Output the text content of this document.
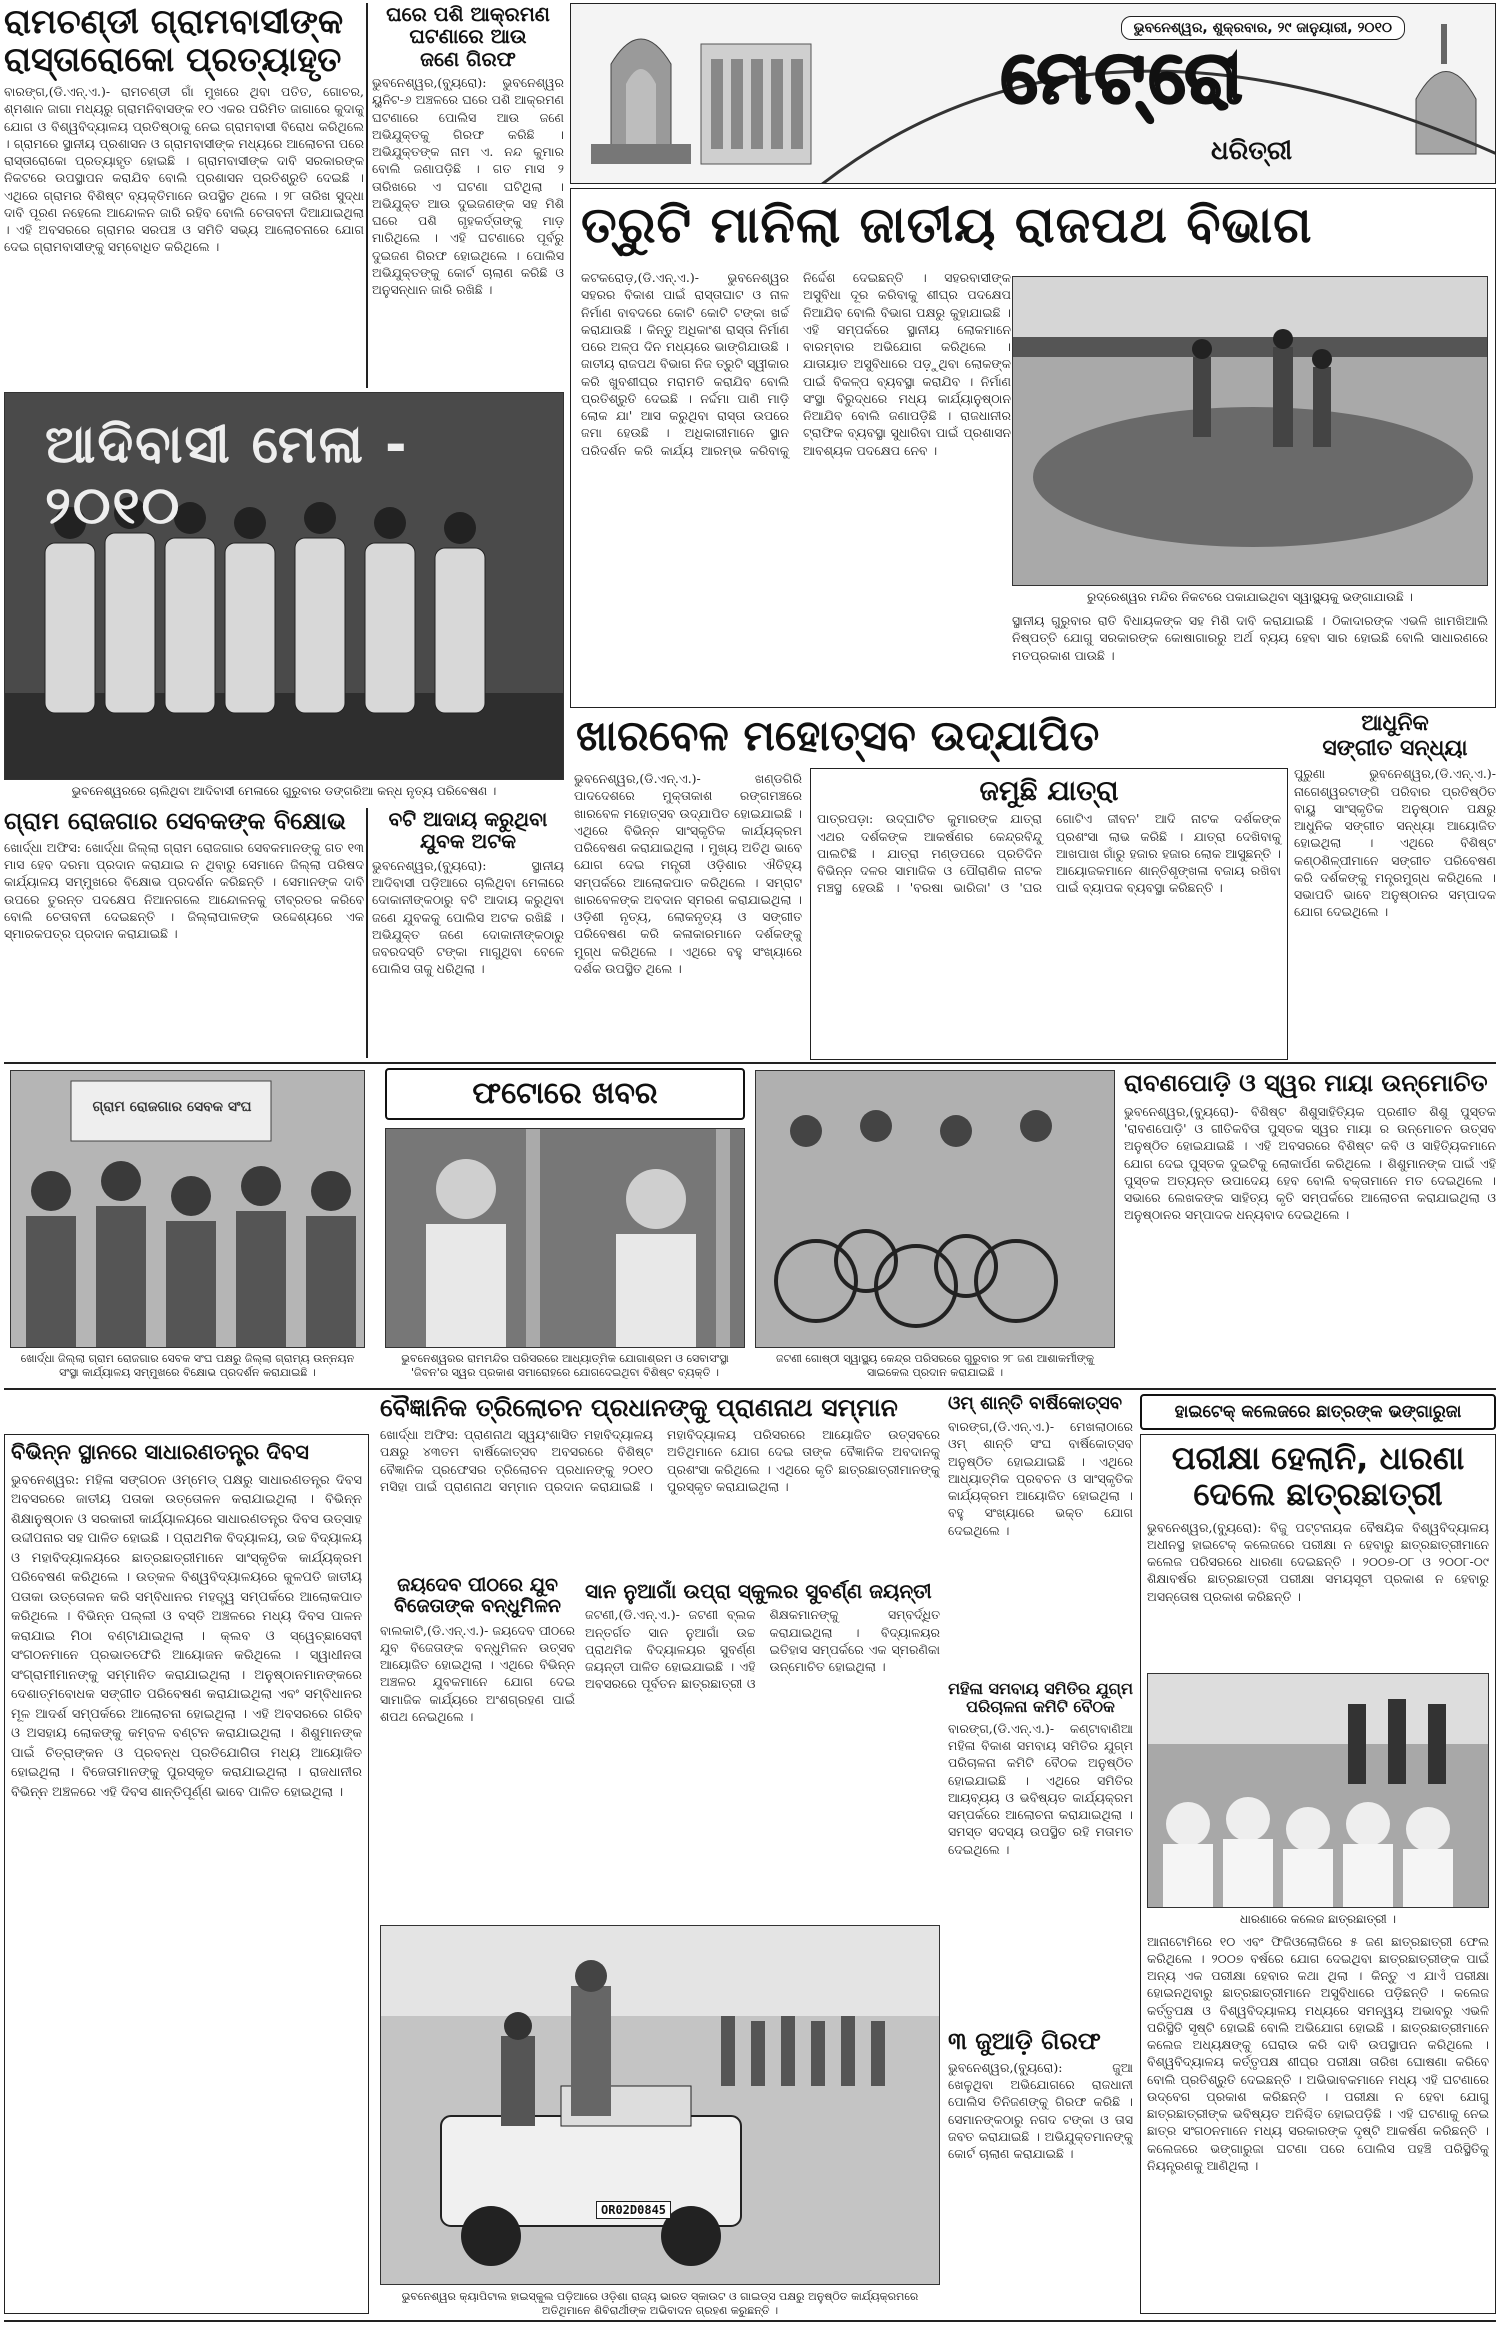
ଭୁବନେଶ୍ୱର, ଶୁକ୍ରବାର, ୨୯ ଜାନୁୟାରୀ, ୨୦୧୦
ମେଟ୍ରୋ
ଧରିତ୍ରୀ
ରାମଚଣ୍ଡୀ ଗ୍ରାମବାସୀଙ୍କ
ରାସ୍ତାରୋକୋ ପ୍ରତ୍ୟାହୃତ
ବାରଙ୍ଗ,(ଡି.ଏନ୍.ଏ.)- ରାମଚଣ୍ଡୀ ଗାଁ ମୁଖରେ ଥିବା ପତିତ, ଗୋଚର, ଶ୍ମଶାନ ଜାଗା ମଧ୍ୟରୁ ଗ୍ରାମନିବାସଙ୍କ ୧୦ ଏକର ପରିମିତ ଜାଗାରେ କୁଦାକୁ ଯୋଗ ଓ ବିଶ୍ୱବିଦ୍ୟାଳୟ ପ୍ରତିଷ୍ଠାକୁ ନେଇ ଗ୍ରାମବାସୀ ବିରୋଧ କରିଥିଲେ । ଗ୍ରାମରେ ସ୍ଥାନୀୟ ପ୍ରଶାସନ ଓ ଗ୍ରାମବାସୀଙ୍କ ମଧ୍ୟରେ ଆଲୋଚନା ପରେ ରାସ୍ତାରୋକୋ ପ୍ରତ୍ୟାହୃତ ହୋଇଛି । ଗ୍ରାମବାସୀଙ୍କ ଦାବି ସରକାରଙ୍କ ନିକଟରେ ଉପସ୍ଥାପନ କରାଯିବ ବୋଲି ପ୍ରଶାସନ ପ୍ରତିଶ୍ରୁତି ଦେଇଛି । ଏଥିରେ ଗ୍ରାମର ବିଶିଷ୍ଟ ବ୍ୟକ୍ତିମାନେ ଉପସ୍ଥିତ ଥିଲେ । ୨୮ ତାରିଖ ସୁଦ୍ଧା ଦାବି ପୂରଣ ନହେଲେ ଆନ୍ଦୋଳନ ଜାରି ରହିବ ବୋଲି ଚେତାବନୀ ଦିଆଯାଇଥିଲା । ଏହି ଅବସରରେ ଗ୍ରାମର ସରପଞ୍ଚ ଓ ସମିତି ସଭ୍ୟ ଆଲୋଚନାରେ ଯୋଗ ଦେଇ ଗ୍ରାମବାସୀଙ୍କୁ ସମ୍ବୋଧିତ କରିଥିଲେ ।
ଘରେ ପଶି ଆକ୍ରମଣ
ଘଟଣାରେ ଆଉ
ଜଣେ ଗିରଫ
ଭୁବନେଶ୍ୱର,(ବ୍ୟୁରୋ): ଭୁବନେଶ୍ୱର ୟୁନିଟ-୬ ଅଞ୍ଚଳରେ ଘରେ ପଶି ଆକ୍ରମଣ ଘଟଣାରେ ପୋଲିସ ଆଉ ଜଣେ ଅଭିଯୁକ୍ତକୁ ଗିରଫ କରିଛି । ଅଭିଯୁକ୍ତଙ୍କ ନାମ ଏ. ନନ୍ଦ କୁମାର ବୋଲି ଜଣାପଡ଼ିଛି । ଗତ ମାସ ୨ ତାରିଖରେ ଏ ଘଟଣା ଘଟିଥିଲା । ଅଭିଯୁକ୍ତ ଆଉ ଦୁଇଜଣଙ୍କ ସହ ମିଶି ଘରେ ପଶି ଗୃହକର୍ତ୍ତାଙ୍କୁ ମାଡ଼ ମାରିଥିଲେ । ଏହି ଘଟଣାରେ ପୂର୍ବରୁ ଦୁଇଜଣ ଗିରଫ ହୋଇଥିଲେ । ପୋଲିସ ଅଭିଯୁକ୍ତଙ୍କୁ କୋର୍ଟ ଚାଲାଣ କରିଛି ଓ ଅନୁସନ୍ଧାନ ଜାରି ରଖିଛି ।
ଆଦିବାସୀ ମେଳା - ୨୦୧୦
ଭୁବନେଶ୍ୱରରେ ଚାଲିଥିବା ଆଦିବାସୀ ମେଳାରେ ଗୁରୁବାର ଡଙ୍ଗରିଆ କନ୍ଧ ନୃତ୍ୟ ପରିବେଷଣ ।
ତ୍ରୁଟି ମାନିଲା ଜାତୀୟ ରାଜପଥ ବିଭାଗ
କଟକରୋଡ଼,(ଡି.ଏନ୍.ଏ.)- ଭୁବନେଶ୍ୱର ସହରର ବିକାଶ ପାଇଁ ରାସ୍ତାଘାଟ ଓ ନାଳ ନିର୍ମାଣ ବାବଦରେ କୋଟି କୋଟି ଟଙ୍କା ଖର୍ଚ୍ଚ କରାଯାଉଛି । କିନ୍ତୁ ଅଧିକାଂଶ ରାସ୍ତା ନିର୍ମାଣ ପରେ ଅଳ୍ପ ଦିନ ମଧ୍ୟରେ ଭାଙ୍ଗିଯାଉଛି । ଜାତୀୟ ରାଜପଥ ବିଭାଗ ନିଜ ତ୍ରୁଟି ସ୍ୱୀକାର କରି ଖୁବଶୀଘ୍ର ମରାମତି କରାଯିବ ବୋଲି ପ୍ରତିଶ୍ରୁତି ଦେଇଛି । ନର୍ଦ୍ଦମା ପାଣି ମାଡ଼ି ଲୋକ ଯା' ଆସ କରୁଥିବା ରାସ୍ତା ଉପରେ ଜମା ହେଉଛି । ଅଧିକାରୀମାନେ ସ୍ଥାନ ପରିଦର୍ଶନ କରି କାର୍ଯ୍ୟ ଆରମ୍ଭ କରିବାକୁ ନିର୍ଦ୍ଦେଶ ଦେଇଛନ୍ତି । ସହରବାସୀଙ୍କ ଅସୁବିଧା ଦୂର କରିବାକୁ ଶୀଘ୍ର ପଦକ୍ଷେପ ନିଆଯିବ ବୋଲି ବିଭାଗ ପକ୍ଷରୁ କୁହାଯାଇଛି । ଏହି ସମ୍ପର୍କରେ ସ୍ଥାନୀୟ ଲୋକମାନେ ବାରମ୍ବାର ଅଭିଯୋଗ କରିଥିଲେ । ଯାତାୟାତ ଅସୁବିଧାରେ ପଡ଼ୁଥିବା ଲୋକଙ୍କ ପାଇଁ ବିକଳ୍ପ ବ୍ୟବସ୍ଥା କରାଯିବ । ନିର୍ମାଣ ସଂସ୍ଥା ବିରୁଦ୍ଧରେ ମଧ୍ୟ କାର୍ଯ୍ୟାନୁଷ୍ଠାନ ନିଆଯିବ ବୋଲି ଜଣାପଡ଼ିଛି । ରାଜଧାନୀର ଟ୍ରାଫିକ ବ୍ୟବସ୍ଥା ସୁଧାରିବା ପାଇଁ ପ୍ରଶାସନ ଆବଶ୍ୟକ ପଦକ୍ଷେପ ନେବ ।
ରୁଦ୍ରେଶ୍ୱର ମନ୍ଦିର ନିକଟରେ ପକାଯାଇଥିବା ସ୍ୱାସ୍ଥ୍ୟକୁ ଭଙ୍ଗାଯାଉଛି ।
ସ୍ଥାନୀୟ ଗୁରୁବାର ରାତି ବିଧାୟକଙ୍କ ସହ ମିଶି ଦାବି କରାଯାଇଛି । ଠିକାଦାରଙ୍କ ଏଭଳି ଖାମଖିଆଲି ନିଷ୍ପତ୍ତି ଯୋଗୁ ସରକାରଙ୍କ କୋଷାଗାରରୁ ଅର୍ଥ ବ୍ୟୟ ହେବା ସାର ହୋଇଛି ବୋଲି ସାଧାରଣରେ ମତପ୍ରକାଶ ପାଉଛି ।
ଖାରବେଳ ମହୋତ୍ସବ ଉଦ୍‌ଯାପିତ
ଭୁବନେଶ୍ୱର,(ଡି.ଏନ୍.ଏ.)- ଖଣ୍ଡଗିରି ପାଦଦେଶରେ ମୁକ୍ତାକାଶ ରଙ୍ଗମଞ୍ଚରେ ଖାରବେଳ ମହୋତ୍ସବ ଉଦ୍‌ଯାପିତ ହୋଇଯାଇଛି । ଏଥିରେ ବିଭିନ୍ନ ସାଂସ୍କୃତିକ କାର୍ଯ୍ୟକ୍ରମ ପରିବେଷଣ କରାଯାଇଥିଲା । ମୁଖ୍ୟ ଅତିଥି ଭାବେ ଯୋଗ ଦେଇ ମନ୍ତ୍ରୀ ଓଡ଼ିଶାର ଐତିହ୍ୟ ସମ୍ପର୍କରେ ଆଲୋକପାତ କରିଥିଲେ । ସମ୍ରାଟ ଖାରବେଳଙ୍କ ଅବଦାନ ସ୍ମରଣ କରାଯାଇଥିଲା । ଓଡ଼ିଶୀ ନୃତ୍ୟ, ଲୋକନୃତ୍ୟ ଓ ସଙ୍ଗୀତ ପରିବେଷଣ କରି କଳାକାରମାନେ ଦର୍ଶକଙ୍କୁ ମୁଗ୍ଧ କରିଥିଲେ । ଏଥିରେ ବହୁ ସଂଖ୍ୟାରେ ଦର୍ଶକ ଉପସ୍ଥିତ ଥିଲେ ।
ଜମୁଛି ଯାତ୍ରା
ପାତ୍ରପଡ଼ା: ଉଦ୍‌ଘାଟିତ କୁମାରଙ୍କ ଯାତ୍ରା ଏଥର ଦର୍ଶକଙ୍କ ଆକର୍ଷଣର କେନ୍ଦ୍ରବିନ୍ଦୁ ପାଲଟିଛି । ଯାତ୍ରା ମଣ୍ଡପରେ ପ୍ରତିଦିନ ବିଭିନ୍ନ ଦଳର ସାମାଜିକ ଓ ପୌରାଣିକ ନାଟକ ମଞ୍ଚସ୍ଥ ହେଉଛି । 'ବରଷା ଭାରିଜା' ଓ 'ଘର ଗୋଟିଏ ଜୀବନ' ଆଦି ନାଟକ ଦର୍ଶକଙ୍କ ପ୍ରଶଂସା ଲାଭ କରିଛି । ଯାତ୍ରା ଦେଖିବାକୁ ଆଖପାଖ ଗାଁରୁ ହଜାର ହଜାର ଲୋକ ଆସୁଛନ୍ତି । ଆୟୋଜକମାନେ ଶାନ୍ତିଶୃଙ୍ଖଳା ବଜାୟ ରଖିବା ପାଇଁ ବ୍ୟାପକ ବ୍ୟବସ୍ଥା କରିଛନ୍ତି ।
ଆଧୁନିକ
ସଙ୍ଗୀତ ସନ୍ଧ୍ୟା
ପୁରୁଣା ଭୁବନେଶ୍ୱର,(ଡି.ଏନ୍.ଏ.)- ନାଗେଶ୍ୱରଟାଙ୍ଗି ପରିବାର ପ୍ରତିଷ୍ଠିତ ବାୟୁ ସାଂସ୍କୃତିକ ଅନୁଷ୍ଠାନ ପକ୍ଷରୁ ଆଧୁନିକ ସଙ୍ଗୀତ ସନ୍ଧ୍ୟା ଆୟୋଜିତ ହୋଇଥିଲା । ଏଥିରେ ବିଶିଷ୍ଟ କଣ୍ଠଶିଳ୍ପୀମାନେ ସଙ୍ଗୀତ ପରିବେଷଣ କରି ଦର୍ଶକଙ୍କୁ ମନ୍ତ୍ରମୁଗ୍ଧ କରିଥିଲେ । ସଭାପତି ଭାବେ ଅନୁଷ୍ଠାନର ସମ୍ପାଦକ ଯୋଗ ଦେଇଥିଲେ ।
ଗ୍ରାମ ରୋଜଗାର ସେବକଙ୍କ ବିକ୍ଷୋଭ
ଖୋର୍ଦ୍ଧା ଅଫିସ: ଖୋର୍ଦ୍ଧା ଜିଲ୍ଲା ଗ୍ରାମ ରୋଜଗାର ସେବକମାନଙ୍କୁ ଗତ ୧୩ ମାସ ହେବ ଦରମା ପ୍ରଦାନ କରାଯାଇ ନ ଥିବାରୁ ସେମାନେ ଜିଲ୍ଲା ପରିଷଦ କାର୍ଯ୍ୟାଳୟ ସମ୍ମୁଖରେ ବିକ୍ଷୋଭ ପ୍ରଦର୍ଶନ କରିଛନ୍ତି । ସେମାନଙ୍କ ଦାବି ଉପରେ ତୁରନ୍ତ ପଦକ୍ଷେପ ନିଆନଗଲେ ଆନ୍ଦୋଳନକୁ ତୀବ୍ରତର କରିବେ ବୋଲି ଚେତାବନୀ ଦେଇଛନ୍ତି । ଜିଲ୍ଲାପାଳଙ୍କ ଉଦ୍ଦେଶ୍ୟରେ ଏକ ସ୍ମାରକପତ୍ର ପ୍ରଦାନ କରାଯାଇଛି ।
ବଟି ଆଦାୟ କରୁଥିବା
ଯୁବକ ଅଟକ
ଭୁବନେଶ୍ୱର,(ବ୍ୟୁରୋ): ସ୍ଥାନୀୟ ଆଦିବାସୀ ପଡ଼ିଆରେ ଚାଲିଥିବା ମେଳାରେ ଦୋକାନୀଙ୍କଠାରୁ ବଟି ଆଦାୟ କରୁଥିବା ଜଣେ ଯୁବକକୁ ପୋଲିସ ଅଟକ ରଖିଛି । ଅଭିଯୁକ୍ତ ଜଣେ ଦୋକାନୀଙ୍କଠାରୁ ଜବରଦସ୍ତି ଟଙ୍କା ମାଗୁଥିବା ବେଳେ ପୋଲିସ ତାକୁ ଧରିଥିଲା ।
ଫଟୋରେ ଖବର
ଗ୍ରାମ ରୋଜଗାର ସେବକ ସଂଘ
ଖୋର୍ଦ୍ଧା ଜିଲ୍ଲା ଗ୍ରାମ ରୋଜଗାର ସେବକ ସଂଘ ପକ୍ଷରୁ ଜିଲ୍ଲା ଗ୍ରାମ୍ୟ ଉନ୍ନୟନ ସଂସ୍ଥା କାର୍ଯ୍ୟାଳୟ ସମ୍ମୁଖରେ ବିକ୍ଷୋଭ ପ୍ରଦର୍ଶନ କରାଯାଇଛି ।
ଭୁବନେଶ୍ୱରର ରାମମନ୍ଦିର ପରିସରରେ ଆଧ୍ୟାତ୍ମିକ ଯୋଗାଶ୍ରମ ଓ ସେବାସଂସ୍ଥା 'ଜିବନ'ର ସ୍ୱର ପ୍ରକାଶ ସମାରୋହରେ ଯୋଗଦେଇଥିବା ବିଶିଷ୍ଟ ବ୍ୟକ୍ତି ।
ଜଟଣୀ ଗୋଷ୍ଠୀ ସ୍ୱାସ୍ଥ୍ୟ କେନ୍ଦ୍ର ପରିସରରେ ଗୁରୁବାର ୨୮ ଜଣ ଆଶାକର୍ମୀଙ୍କୁ ସାଇକେଲ ପ୍ରଦାନ କରାଯାଇଛି ।
ରାବଣପୋଡ଼ି ଓ ସ୍ୱର ମାୟା ଉନ୍ମୋଚିତ
ଭୁବନେଶ୍ୱର,(ବ୍ୟୁରୋ)- ବିଶିଷ୍ଟ ଶିଶୁସାହିତ୍ୟିକ ପ୍ରଣୀତ ଶିଶୁ ପୁସ୍ତକ 'ରାବଣପୋଡ଼ି' ଓ ଗୀତିକବିତା ପୁସ୍ତକ ସ୍ୱର ମାୟା ର ଉନ୍ମୋଚନ ଉତ୍ସବ ଅନୁଷ୍ଠିତ ହୋଇଯାଇଛି । ଏହି ଅବସରରେ ବିଶିଷ୍ଟ କବି ଓ ସାହିତ୍ୟିକମାନେ ଯୋଗ ଦେଇ ପୁସ୍ତକ ଦୁଇଟିକୁ ଲୋକାର୍ପଣ କରିଥିଲେ । ଶିଶୁମାନଙ୍କ ପାଇଁ ଏହି ପୁସ୍ତକ ଅତ୍ୟନ୍ତ ଉପାଦେୟ ହେବ ବୋଲି ବକ୍ତାମାନେ ମତ ଦେଇଥିଲେ । ସଭାରେ ଲେଖକଙ୍କ ସାହିତ୍ୟ କୃତି ସମ୍ପର୍କରେ ଆଲୋଚନା କରାଯାଇଥିଲା ଓ ଅନୁଷ୍ଠାନର ସମ୍ପାଦକ ଧନ୍ୟବାଦ ଦେଇଥିଲେ ।
ହାଇଟେକ୍ କଲେଜରେ ଛାତ୍ରଙ୍କ ଭଙ୍ଗାରୁଜା
ବିଭିନ୍ନ ସ୍ଥାନରେ ସାଧାରଣତନ୍ତ୍ର ଦିବସ
ଭୁବନେଶ୍ୱର: ମହିଳା ସଙ୍ଗଠନ ଓମ୍ମେଡ୍ ପକ୍ଷରୁ ସାଧାରଣତନ୍ତ୍ର ଦିବସ ଅବସରରେ ଜାତୀୟ ପତାକା ଉତ୍ତୋଳନ କରାଯାଇଥିଲା । ବିଭିନ୍ନ ଶିକ୍ଷାନୁଷ୍ଠାନ ଓ ସରକାରୀ କାର୍ଯ୍ୟାଳୟରେ ସାଧାରଣତନ୍ତ୍ର ଦିବସ ଉତ୍ସାହ ଉଦ୍ଦୀପନାର ସହ ପାଳିତ ହୋଇଛି । ପ୍ରାଥମିକ ବିଦ୍ୟାଳୟ, ଉଚ୍ଚ ବିଦ୍ୟାଳୟ ଓ ମହାବିଦ୍ୟାଳୟରେ ଛାତ୍ରଛାତ୍ରୀମାନେ ସାଂସ୍କୃତିକ କାର୍ଯ୍ୟକ୍ରମ ପରିବେଷଣ କରିଥିଲେ । ଉତ୍କଳ ବିଶ୍ୱବିଦ୍ୟାଳୟରେ କୁଳପତି ଜାତୀୟ ପତାକା ଉତ୍ତୋଳନ କରି ସମ୍ବିଧାନର ମହତ୍ତ୍ୱ ସମ୍ପର୍କରେ ଆଲୋକପାତ କରିଥିଲେ । ବିଭିନ୍ନ ପଲ୍ଲୀ ଓ ବସ୍ତି ଅଞ୍ଚଳରେ ମଧ୍ୟ ଦିବସ ପାଳନ କରାଯାଇ ମିଠା ବଣ୍ଟାଯାଇଥିଲା । କ୍ଲବ ଓ ସ୍ୱେଚ୍ଛାସେବୀ ସଂଗଠନମାନେ ପ୍ରଭାତଫେରି ଆୟୋଜନ କରିଥିଲେ । ସ୍ୱାଧୀନତା ସଂଗ୍ରାମୀମାନଙ୍କୁ ସମ୍ମାନିତ କରାଯାଇଥିଲା । ଅନୁଷ୍ଠାନମାନଙ୍କରେ ଦେଶାତ୍ମବୋଧକ ସଙ୍ଗୀତ ପରିବେଷଣ କରାଯାଇଥିଲା ଏବଂ ସମ୍ବିଧାନର ମୂଳ ଆଦର୍ଶ ସମ୍ପର୍କରେ ଆଲୋଚନା ହୋଇଥିଲା । ଏହି ଅବସରରେ ଗରିବ ଓ ଅସହାୟ ଲୋକଙ୍କୁ କମ୍ବଳ ବଣ୍ଟନ କରାଯାଇଥିଲା । ଶିଶୁମାନଙ୍କ ପାଇଁ ଚିତ୍ରାଙ୍କନ ଓ ପ୍ରବନ୍ଧ ପ୍ରତିଯୋଗିତା ମଧ୍ୟ ଆୟୋଜିତ ହୋଇଥିଲା । ବିଜେତାମାନଙ୍କୁ ପୁରସ୍କୃତ କରାଯାଇଥିଲା । ରାଜଧାନୀର ବିଭିନ୍ନ ଅଞ୍ଚଳରେ ଏହି ଦିବସ ଶାନ୍ତିପୂର୍ଣ୍ଣ ଭାବେ ପାଳିତ ହୋଇଥିଲା ।
ବୈଜ୍ଞାନିକ ତ୍ରିଲୋଚନ ପ୍ରଧାନଙ୍କୁ ପ୍ରାଣନାଥ ସମ୍ମାନ
ଖୋର୍ଦ୍ଧା ଅଫିସ: ପ୍ରାଣନାଥ ସ୍ୱୟଂଶାସିତ ମହାବିଦ୍ୟାଳୟ ପକ୍ଷରୁ ୪୩ତମ ବାର୍ଷିକୋତ୍ସବ ଅବସରରେ ବିଶିଷ୍ଟ ବୈଜ୍ଞାନିକ ପ୍ରଫେସର ତ୍ରିଲୋଚନ ପ୍ରଧାନଙ୍କୁ ୨୦୧୦ ମସିହା ପାଇଁ ପ୍ରାଣନାଥ ସମ୍ମାନ ପ୍ରଦାନ କରାଯାଇଛି । ମହାବିଦ୍ୟାଳୟ ପରିସରରେ ଆୟୋଜିତ ଉତ୍ସବରେ ଅତିଥିମାନେ ଯୋଗ ଦେଇ ତାଙ୍କ ବୈଜ୍ଞାନିକ ଅବଦାନକୁ ପ୍ରଶଂସା କରିଥିଲେ । ଏଥିରେ କୃତି ଛାତ୍ରଛାତ୍ରୀମାନଙ୍କୁ ପୁରସ୍କୃତ କରାଯାଇଥିଲା ।
ଜୟଦେବ ପୀଠରେ ଯୁବ
ବିଜେତାଙ୍କ ବନ୍ଧୁମିଳନ
ବାଲକାଟି,(ଡି.ଏନ୍.ଏ.)- ଜୟଦେବ ପୀଠରେ ଯୁବ ବିଜେତାଙ୍କ ବନ୍ଧୁମିଳନ ଉତ୍ସବ ଆୟୋଜିତ ହୋଇଥିଲା । ଏଥିରେ ବିଭିନ୍ନ ଅଞ୍ଚଳର ଯୁବକମାନେ ଯୋଗ ଦେଇ ସାମାଜିକ କାର୍ଯ୍ୟରେ ଅଂଶଗ୍ରହଣ ପାଇଁ ଶପଥ ନେଇଥିଲେ ।
ସାନ ନୁଆଗାଁ ଉପ୍ରା ସ୍କୁଲର ସୁବର୍ଣ୍ଣ ଜୟନ୍ତୀ
ଜଟଣୀ,(ଡି.ଏନ୍.ଏ.)- ଜଟଣୀ ବ୍ଲକ ଅନ୍ତର୍ଗତ ସାନ ନୁଆଗାଁ ଉଚ୍ଚ ପ୍ରାଥମିକ ବିଦ୍ୟାଳୟର ସୁବର୍ଣ୍ଣ ଜୟନ୍ତୀ ପାଳିତ ହୋଇଯାଇଛି । ଏହି ଅବସରରେ ପୂର୍ବତନ ଛାତ୍ରଛାତ୍ରୀ ଓ ଶିକ୍ଷକମାନଙ୍କୁ ସମ୍ବର୍ଦ୍ଧିତ କରାଯାଇଥିଲା । ବିଦ୍ୟାଳୟର ଇତିହାସ ସମ୍ପର୍କରେ ଏକ ସ୍ମରଣିକା ଉନ୍ମୋଚିତ ହୋଇଥିଲା ।
ଓମ୍ ଶାନ୍ତି ବାର୍ଷିକୋତ୍ସବ
ବାରଙ୍ଗ,(ଡି.ଏନ୍.ଏ.)- ମେଖଲାଠାରେ ଓମ୍ ଶାନ୍ତି ସଂଘ ବାର୍ଷିକୋତ୍ସବ ଅନୁଷ୍ଠିତ ହୋଇଯାଇଛି । ଏଥିରେ ଆଧ୍ୟାତ୍ମିକ ପ୍ରବଚନ ଓ ସାଂସ୍କୃତିକ କାର୍ଯ୍ୟକ୍ରମ ଆୟୋଜିତ ହୋଇଥିଲା । ବହୁ ସଂଖ୍ୟାରେ ଭକ୍ତ ଯୋଗ ଦେଇଥିଲେ ।
ମହିଳା ସମବାୟ ସମିତିର ଯୁଗ୍ମ
ପରିଚାଳନା କମିଟି ବୈଠକ
ବାରଙ୍ଗ,(ଡି.ଏନ୍.ଏ.)- କଣ୍ଟାବାଣିଆ ମହିଳା ବିକାଶ ସମବାୟ ସମିତିର ଯୁଗ୍ମ ପରିଚାଳନା କମିଟି ବୈଠକ ଅନୁଷ୍ଠିତ ହୋଇଯାଇଛି । ଏଥିରେ ସମିତିର ଆୟବ୍ୟୟ ଓ ଭବିଷ୍ୟତ କାର୍ଯ୍ୟକ୍ରମ ସମ୍ପର୍କରେ ଆଲୋଚନା କରାଯାଇଥିଲା । ସମସ୍ତ ସଦସ୍ୟ ଉପସ୍ଥିତ ରହି ମତାମତ ଦେଇଥିଲେ ।
୩ ଜୁଆଡ଼ି ଗିରଫ
ଭୁବନେଶ୍ୱର,(ବ୍ୟୁରୋ): ଜୁଆ ଖେଳୁଥିବା ଅଭିଯୋଗରେ ରାଜଧାନୀ ପୋଲିସ ତିନିଜଣଙ୍କୁ ଗିରଫ କରିଛି । ସେମାନଙ୍କଠାରୁ ନଗଦ ଟଙ୍କା ଓ ତାସ ଜବତ କରାଯାଇଛି । ଅଭିଯୁକ୍ତମାନଙ୍କୁ କୋର୍ଟ ଚାଲାଣ କରାଯାଇଛି ।
OR02D0845
ଭୁବନେଶ୍ୱର କ୍ୟାପିଟାଲ ହାଇସ୍କୁଲ ପଡ଼ିଆରେ ଓଡ଼ିଶା ରାଜ୍ୟ ଭାରତ ସ୍କାଉଟ ଓ ଗାଇଡ୍ସ ପକ୍ଷରୁ ଅନୁଷ୍ଠିତ କାର୍ଯ୍ୟକ୍ରମରେ ଅତିଥିମାନେ ଶିବିରାର୍ଥୀଙ୍କ ଅଭିବାଦନ ଗ୍ରହଣ କରୁଛନ୍ତି ।
ପରୀକ୍ଷା ହେଲାନି, ଧାରଣା
ଦେଲେ ଛାତ୍ରଛାତ୍ରୀ
ଭୁବନେଶ୍ୱର,(ବ୍ୟୁରୋ): ବିଜୁ ପଟ୍ଟନାୟକ ବୈଷୟିକ ବିଶ୍ୱବିଦ୍ୟାଳୟ ଅଧୀନସ୍ଥ ହାଇଟେକ୍ କଲେଜରେ ପରୀକ୍ଷା ନ ହେବାରୁ ଛାତ୍ରଛାତ୍ରୀମାନେ କଲେଜ ପରିସରରେ ଧାରଣା ଦେଇଛନ୍ତି । ୨୦୦୭-୦୮ ଓ ୨୦୦୮-୦୯ ଶିକ୍ଷାବର୍ଷର ଛାତ୍ରଛାତ୍ରୀ ପରୀକ୍ଷା ସମୟସୂଚୀ ପ୍ରକାଶ ନ ହେବାରୁ ଅସନ୍ତୋଷ ପ୍ରକାଶ କରିଛନ୍ତି ।
ଧାରଣାରେ କଲେଜ ଛାତ୍ରଛାତ୍ରୀ ।
ଆନାଟୋମିରେ ୧୦ ଏବଂ ଫିଜିଓଲୋଜିରେ ୫ ଜଣ ଛାତ୍ରଛାତ୍ରୀ ଫେଲ କରିଥିଲେ । ୨୦୦୭ ବର୍ଷରେ ଯୋଗ ଦେଇଥିବା ଛାତ୍ରଛାତ୍ରୀଙ୍କ ପାଇଁ ଅନ୍ୟ ଏକ ପରୀକ୍ଷା ହେବାର କଥା ଥିଲା । କିନ୍ତୁ ଏ ଯାଏଁ ପରୀକ୍ଷା ହୋଇନଥିବାରୁ ଛାତ୍ରଛାତ୍ରୀମାନେ ଅସୁବିଧାରେ ପଡ଼ିଛନ୍ତି । କଲେଜ କର୍ତ୍ତୃପକ୍ଷ ଓ ବିଶ୍ୱବିଦ୍ୟାଳୟ ମଧ୍ୟରେ ସମନ୍ୱୟ ଅଭାବରୁ ଏଭଳି ପରିସ୍ଥିତି ସୃଷ୍ଟି ହୋଇଛି ବୋଲି ଅଭିଯୋଗ ହୋଇଛି । ଛାତ୍ରଛାତ୍ରୀମାନେ କଲେଜ ଅଧ୍ୟକ୍ଷଙ୍କୁ ଘେରାଉ କରି ଦାବି ଉପସ୍ଥାପନ କରିଥିଲେ । ବିଶ୍ୱବିଦ୍ୟାଳୟ କର୍ତ୍ତୃପକ୍ଷ ଶୀଘ୍ର ପରୀକ୍ଷା ତାରିଖ ଘୋଷଣା କରିବେ ବୋଲି ପ୍ରତିଶ୍ରୁତି ଦେଇଛନ୍ତି । ଅଭିଭାବକମାନେ ମଧ୍ୟ ଏହି ଘଟଣାରେ ଉଦ୍‌ବେଗ ପ୍ରକାଶ କରିଛନ୍ତି । ପରୀକ୍ଷା ନ ହେବା ଯୋଗୁ ଛାତ୍ରଛାତ୍ରୀଙ୍କ ଭବିଷ୍ୟତ ଅନିଶ୍ଚିତ ହୋଇପଡ଼ିଛି । ଏହି ଘଟଣାକୁ ନେଇ ଛାତ୍ର ସଂଗଠନମାନେ ମଧ୍ୟ ସରକାରଙ୍କ ଦୃଷ୍ଟି ଆକର୍ଷଣ କରିଛନ୍ତି । କଲେଜରେ ଭଙ୍ଗାରୁଜା ଘଟଣା ପରେ ପୋଲିସ ପହଞ୍ଚି ପରିସ୍ଥିତିକୁ ନିୟନ୍ତ୍ରଣକୁ ଆଣିଥିଲା ।
